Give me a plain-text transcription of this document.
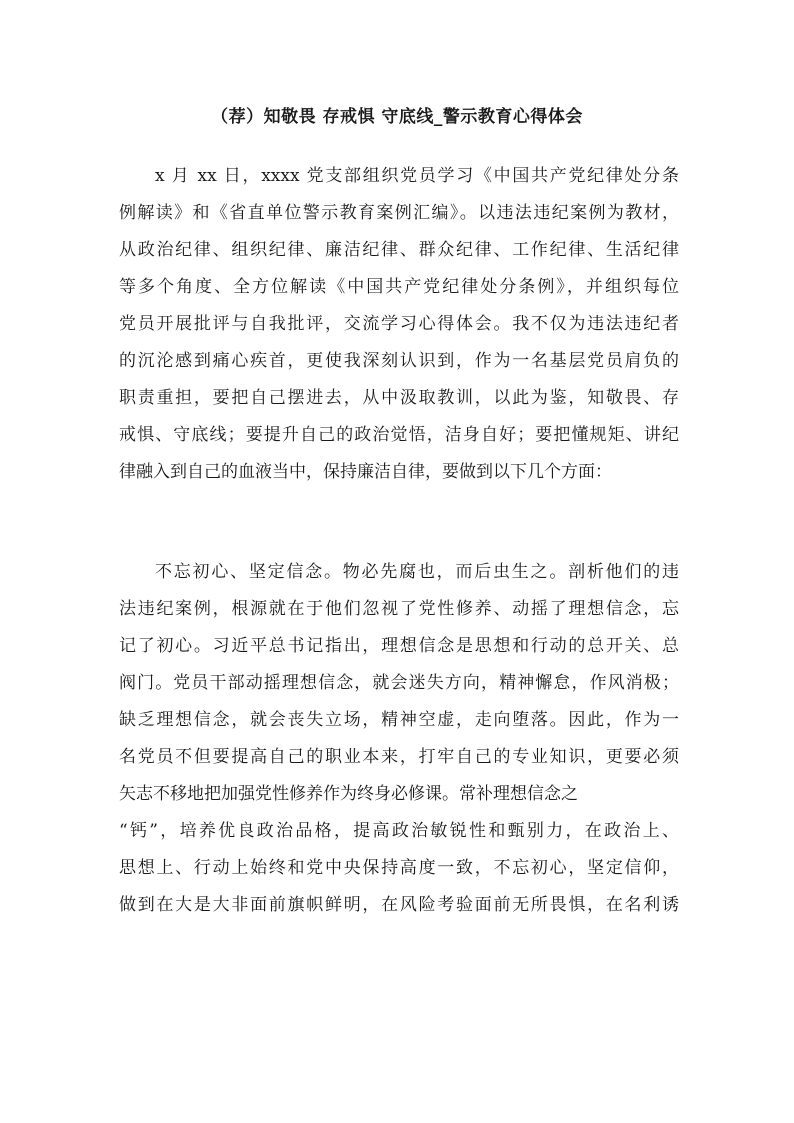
（荐）知敬畏 存戒惧 守底线_警示教育心得体会
x 月 xx 日，xxxx 党支部组织党员学习《中国共产党纪律处分条
例解读》和《省直单位警示教育案例汇编》。以违法违纪案例为教材，
从政治纪律、组织纪律、廉洁纪律、群众纪律、工作纪律、生活纪律
等多个角度、全方位解读《中国共产党纪律处分条例》，并组织每位
党员开展批评与自我批评，交流学习心得体会。我不仅为违法违纪者
的沉沦感到痛心疾首，更使我深刻认识到，作为一名基层党员肩负的
职责重担，要把自己摆进去，从中汲取教训，以此为鉴，知敬畏、存
戒惧、守底线；要提升自己的政治觉悟，洁身自好；要把懂规矩、讲纪
律融入到自己的血液当中，保持廉洁自律，要做到以下几个方面：
不忘初心、坚定信念。物必先腐也，而后虫生之。剖析他们的违
法违纪案例，根源就在于他们忽视了党性修养、动摇了理想信念，忘
记了初心。习近平总书记指出，理想信念是思想和行动的总开关、总
阀门。党员干部动摇理想信念，就会迷失方向，精神懈怠，作风消极；
缺乏理想信念，就会丧失立场，精神空虚，走向堕落。因此，作为一
名党员不但要提高自己的职业本来，打牢自己的专业知识，更要必须
矢志不移地把加强党性修养作为终身必修课。常补理想信念之
“钙”，培养优良政治品格，提高政治敏锐性和甄别力，在政治上、
思想上、行动上始终和党中央保持高度一致，不忘初心，坚定信仰，
做到在大是大非面前旗帜鲜明，在风险考验面前无所畏惧，在名利诱
